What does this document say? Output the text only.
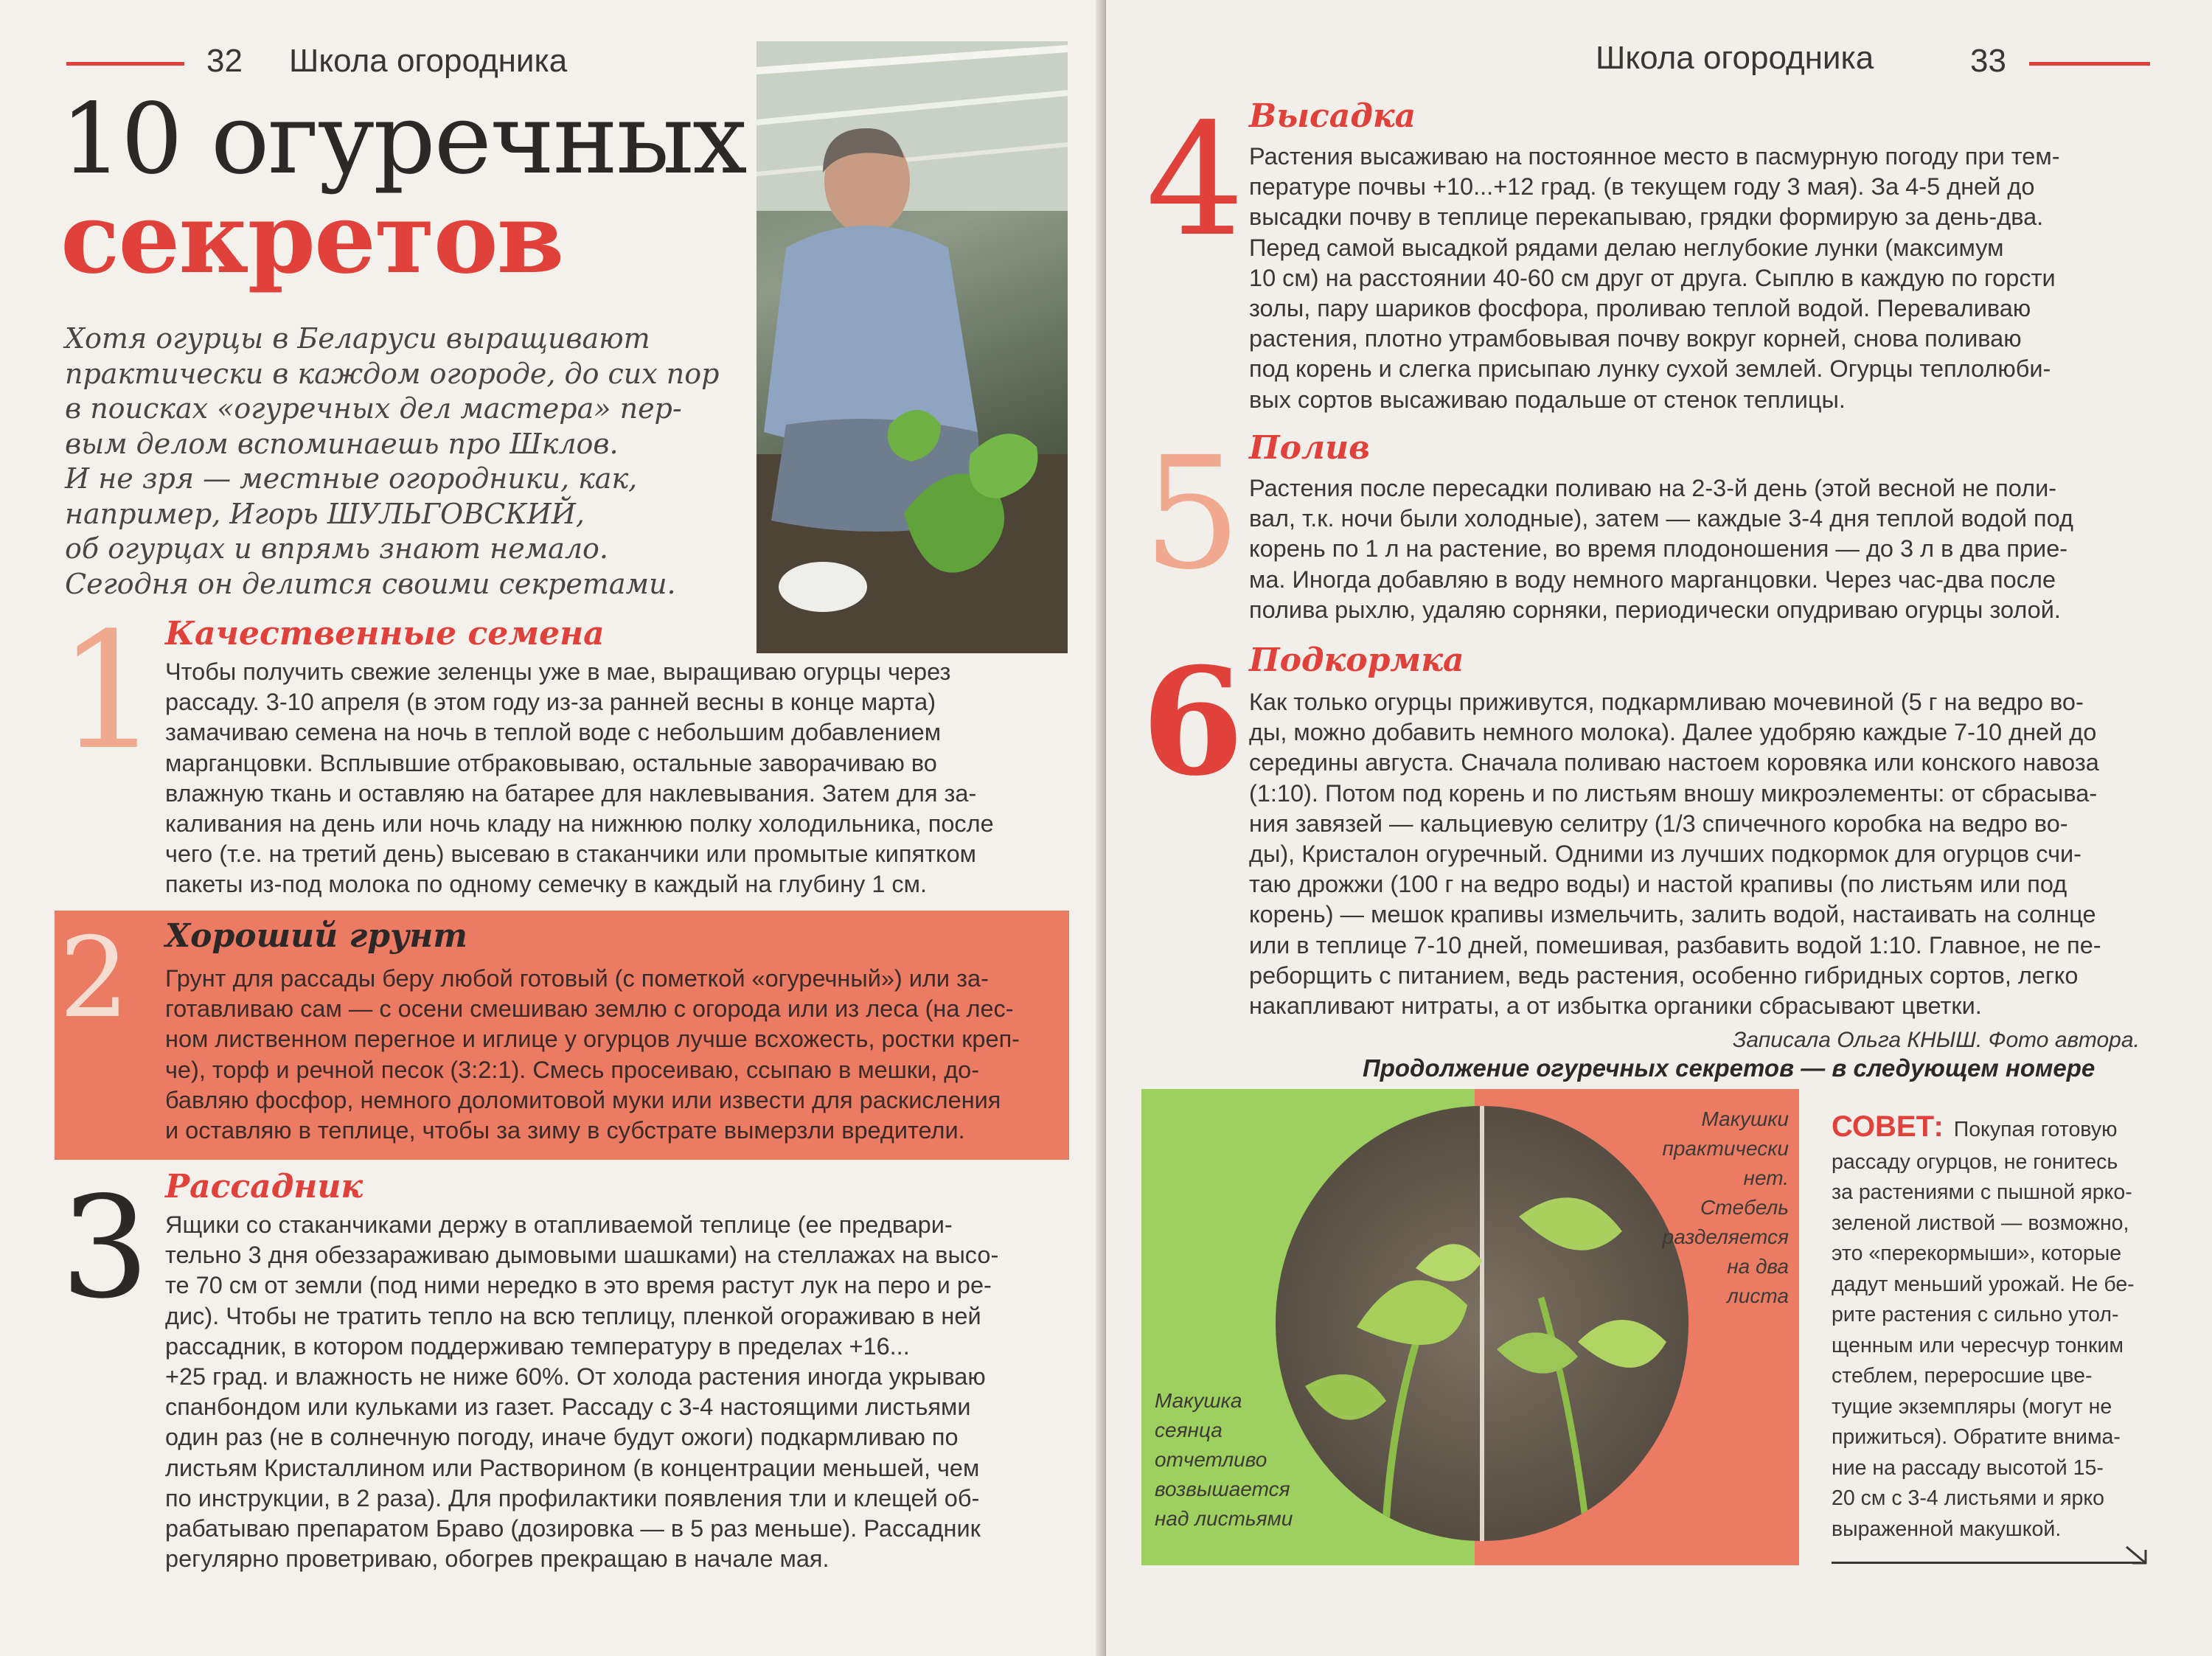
32 Школа огородника
10 огуречных
секретов
Хотя огурцы в Беларуси выращивают
практически в каждом огороде, до сих пор
в поисках «огуречных дел мастера» пер-
вым делом вспоминаешь про Шклов.
И не зря — местные огородники, как,
например, Игорь ШУЛЬГОВСКИЙ,
об огурцах и впрямь знают немало.
Сегодня он делится своими секретами.
1 Качественные семена
Чтобы получить свежие зеленцы уже в мае, выращиваю огурцы через
рассаду. 3-10 апреля (в этом году из-за ранней весны в конце марта)
замачиваю семена на ночь в теплой воде с небольшим добавлением
марганцовки. Всплывшие отбраковываю, остальные заворачиваю во
влажную ткань и оставляю на батарее для наклевывания. Затем для за-
каливания на день или ночь кладу на нижнюю полку холодильника, после
чего (т.е. на третий день) высеваю в стаканчики или промытые кипятком
пакеты из-под молока по одному семечку в каждый на глубину 1 см.
2 Хороший грунт
Грунт для рассады беру любой готовый (с пометкой «огуречный») или за-
готавливаю сам — с осени смешиваю землю с огорода или из леса (на лес-
ном лиственном перегное и иглице у огурцов лучше всхожесть, ростки креп-
че), торф и речной песок (3:2:1). Смесь просеиваю, ссыпаю в мешки, до-
бавляю фосфор, немного доломитовой муки или извести для раскисления
и оставляю в теплице, чтобы за зиму в субстрате вымерзли вредители.
3 Рассадник
Ящики со стаканчиками держу в отапливаемой теплице (ее предвари-
тельно 3 дня обеззараживаю дымовыми шашками) на стеллажах на высо-
те 70 см от земли (под ними нередко в это время растут лук на перо и ре-
дис). Чтобы не тратить тепло на всю теплицу, пленкой огораживаю в ней
рассадник, в котором поддерживаю температуру в пределах +16...
+25 град. и влажность не ниже 60%. От холода растения иногда укрываю
спанбондом или кульками из газет. Рассаду с 3-4 настоящими листьями
один раз (не в солнечную погоду, иначе будут ожоги) подкармливаю по
листьям Кристаллином или Растворином (в концентрации меньшей, чем
по инструкции, в 2 раза). Для профилактики появления тли и клещей об-
рабатываю препаратом Браво (дозировка — в 5 раз меньше). Рассадник
регулярно проветриваю, обогрев прекращаю в начале мая.
Школа огородника	33
4 Высадка
Растения высаживаю на постоянное место в пасмурную погоду при тем-
пературе почвы +10...+12 град. (в текущем году 3 мая). За 4-5 дней до
высадки почву в теплице перекапываю, грядки формирую за день-два.
Перед самой высадкой рядами делаю неглубокие лунки (максимум
10 см) на расстоянии 40-60 см друг от друга. Сыплю в каждую по горсти
золы, пару шариков фосфора, проливаю теплой водой. Переваливаю
растения, плотно утрамбовывая почву вокруг корней, снова поливаю
под корень и слегка присыпаю лунку сухой землей. Огурцы теплолюби-
вых сортов высаживаю подальше от стенок теплицы.
5 Полив
Растения после пересадки поливаю на 2-3-й день (этой весной не поли-
вал, т.к. ночи были холодные), затем — каждые 3-4 дня теплой водой под
корень по 1 л на растение, во время плодоношения — до 3 л в два прие-
ма. Иногда добавляю в воду немного марганцовки. Через час-два после
полива рыхлю, удаляю сорняки, периодически опудриваю огурцы золой.
6 Подкормка
Как только огурцы приживутся, подкармливаю мочевиной (5 г на ведро во-
ды, можно добавить немного молока). Далее удобряю каждые 7-10 дней до
середины августа. Сначала поливаю настоем коровяка или конского навоза
(1:10). Потом под корень и по листьям вношу микроэлементы: от сбрасыва-
ния завязей — кальциевую селитру (1/3 спичечного коробка на ведро во-
ды), Кристалон огуречный. Одними из лучших подкормок для огурцов счи-
таю дрожжи (100 г на ведро воды) и настой крапивы (по листьям или под
корень) — мешок крапивы измельчить, залить водой, настаивать на солнце
или в теплице 7-10 дней, помешивая, разбавить водой 1:10. Главное, не пе-
реборщить с питанием, ведь растения, особенно гибридных сортов, легко
накапливают нитраты, а от избытка органики сбрасывают цветки.
Записала Ольга КНЫШ. Фото автора.
Продолжение огуречных секретов — в следующем номере
Макушка
сеянца
отчетливо
возвышается
над листьями
Макушки
практически
нет.
Стебель
разделяется
на два
листа
СОВЕТ: Покупая готовую
рассаду огурцов, не гонитесь
за растениями с пышной ярко-
зеленой листвой — возможно,
это «перекормыши», которые
дадут меньший урожай. Не бе-
рите растения с сильно утол-
щенным или чересчур тонким
стеблем, переросшие цве-
тущие экземпляры (могут не
прижиться). Обратите внима-
ние на рассаду высотой 15-
20 см с 3-4 листьями и ярко
выраженной макушкой.
